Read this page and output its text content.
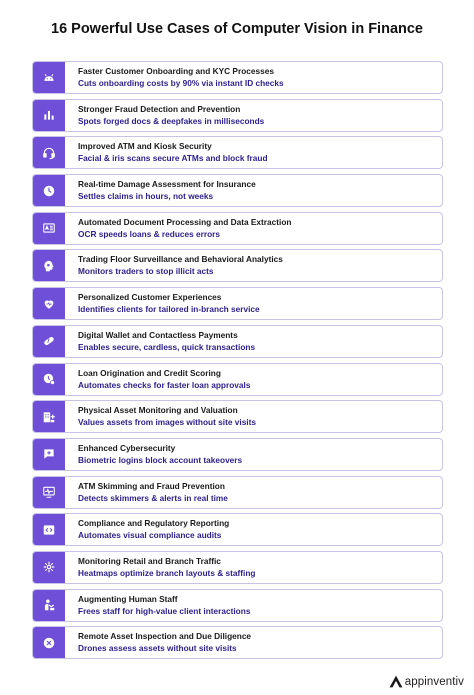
16 Powerful Use Cases of Computer Vision in Finance
Faster Customer Onboarding and KYC Processes
Cuts onboarding costs by 90% via instant ID checks
Stronger Fraud Detection and Prevention
Spots forged docs & deepfakes in milliseconds
Improved ATM and Kiosk Security
Facial & iris scans secure ATMs and block fraud
Real-time Damage Assessment for Insurance
Settles claims in hours, not weeks
Automated Document Processing and Data Extraction
OCR speeds loans & reduces errors
Trading Floor Surveillance and Behavioral Analytics
Monitors traders to stop illicit acts
Personalized Customer Experiences
Identifies clients for tailored in-branch service
Digital Wallet and Contactless Payments
Enables secure, cardless, quick transactions
Loan Origination and Credit Scoring
Automates checks for faster loan approvals
Physical Asset Monitoring and Valuation
Values assets from images without site visits
Enhanced Cybersecurity
Biometric logins block account takeovers
ATM Skimming and Fraud Prevention
Detects skimmers & alerts in real time
Compliance and Regulatory Reporting
Automates visual compliance audits
Monitoring Retail and Branch Traffic
Heatmaps optimize branch layouts & staffing
Augmenting Human Staff
Frees staff for high-value client interactions
Remote Asset Inspection and Due Diligence
Drones assess assets without site visits
appinventiv
